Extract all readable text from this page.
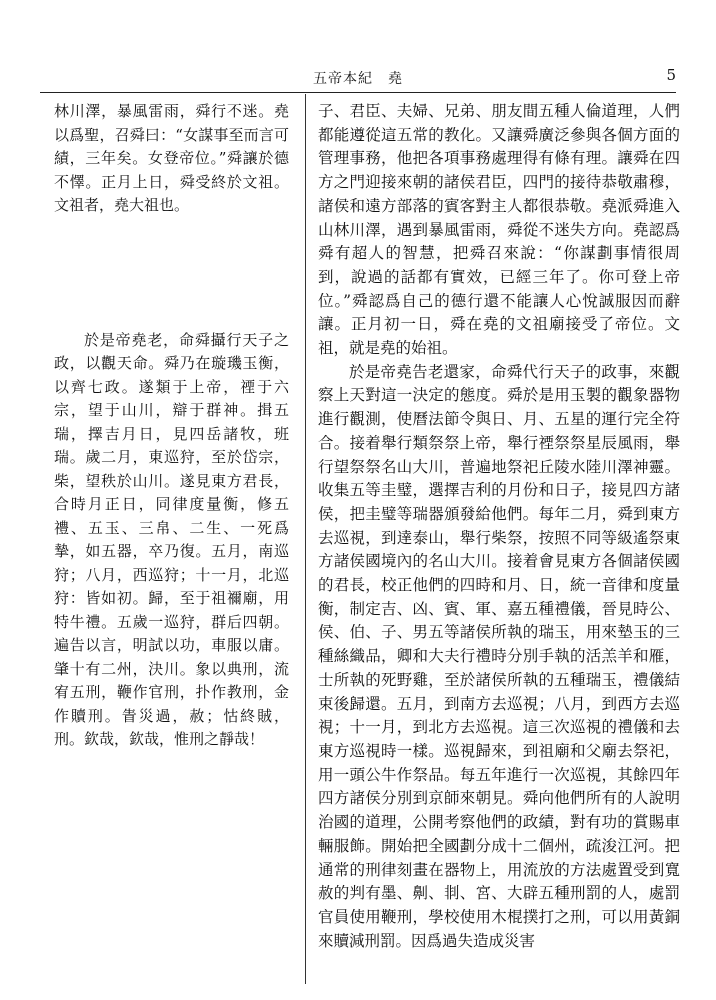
五帝本紀　堯	5

林川澤，暴風雷雨，舜行不迷。堯以爲聖，召舜曰：“女謀事至而言可績，三年矣。女登帝位。”舜讓於德不懌。正月上日，舜受終於文祖。文祖者，堯大祖也。

於是帝堯老，命舜攝行天子之政，以觀天命。舜乃在璇璣玉衡，以齊七政。遂類于上帝，禋于六宗，望于山川，辯于群神。揖五瑞，擇吉月日，見四岳諸牧，班瑞。歲二月，東巡狩，至於岱宗，柴，望秩於山川。遂見東方君長，合時月正日，同律度量衡，修五禮、五玉、三帛、二生、一死爲摯，如五器，卒乃復。五月，南巡狩；八月，西巡狩；十一月，北巡狩：皆如初。歸，至于祖禰廟，用特牛禮。五歲一巡狩，群后四朝。遍告以言，明試以功，車服以庸。肇十有二州，決川。象以典刑，流宥五刑，鞭作官刑，扑作教刑，金作贖刑。眚災過，赦；怙終賊，刑。欽哉，欽哉，惟刑之靜哉！

子、君臣、夫婦、兄弟、朋友間五種人倫道理，人們都能遵從這五常的教化。又讓舜廣泛參與各個方面的管理事務，他把各項事務處理得有條有理。讓舜在四方之門迎接來朝的諸侯君臣，四門的接待恭敬肅穆，諸侯和遠方部落的賓客對主人都很恭敬。堯派舜進入山林川澤，遇到暴風雷雨，舜從不迷失方向。堯認爲舜有超人的智慧，把舜召來說：“你謀劃事情很周到，說過的話都有實效，已經三年了。你可登上帝位。”舜認爲自己的德行還不能讓人心悅誠服因而辭讓。正月初一日，舜在堯的文祖廟接受了帝位。文祖，就是堯的始祖。

於是帝堯告老還家，命舜代行天子的政事，來觀察上天對這一決定的態度。舜於是用玉製的觀象器物進行觀測，使曆法節令與日、月、五星的運行完全符合。接着舉行類祭祭上帝，舉行禋祭祭星辰風雨，舉行望祭祭名山大川，普遍地祭祀丘陵水陸川澤神靈。收集五等圭璧，選擇吉利的月份和日子，接見四方諸侯，把圭璧等瑞器頒發給他們。每年二月，舜到東方去巡視，到達泰山，舉行柴祭，按照不同等級遙祭東方諸侯國境內的名山大川。接着會見東方各個諸侯國的君長，校正他們的四時和月、日，統一音律和度量衡，制定吉、凶、賓、軍、嘉五種禮儀，晉見時公、侯、伯、子、男五等諸侯所執的瑞玉，用來墊玉的三種絲織品，卿和大夫行禮時分別手執的活羔羊和雁，士所執的死野雞，至於諸侯所執的五種瑞玉，禮儀結束後歸還。五月，到南方去巡視；八月，到西方去巡視；十一月，到北方去巡視。這三次巡視的禮儀和去東方巡視時一樣。巡視歸來，到祖廟和父廟去祭祀，用一頭公牛作祭品。每五年進行一次巡視，其餘四年四方諸侯分別到京師來朝見。舜向他們所有的人說明治國的道理，公開考察他們的政績，對有功的賞賜車輛服飾。開始把全國劃分成十二個州，疏浚江河。把通常的刑律刻畫在器物上，用流放的方法處置受到寬赦的判有墨、劓、剕、宮、大辟五種刑罰的人，處罰官員使用鞭刑，學校使用木棍撲打之刑，可以用黃銅來贖減刑罰。因爲過失造成災害
